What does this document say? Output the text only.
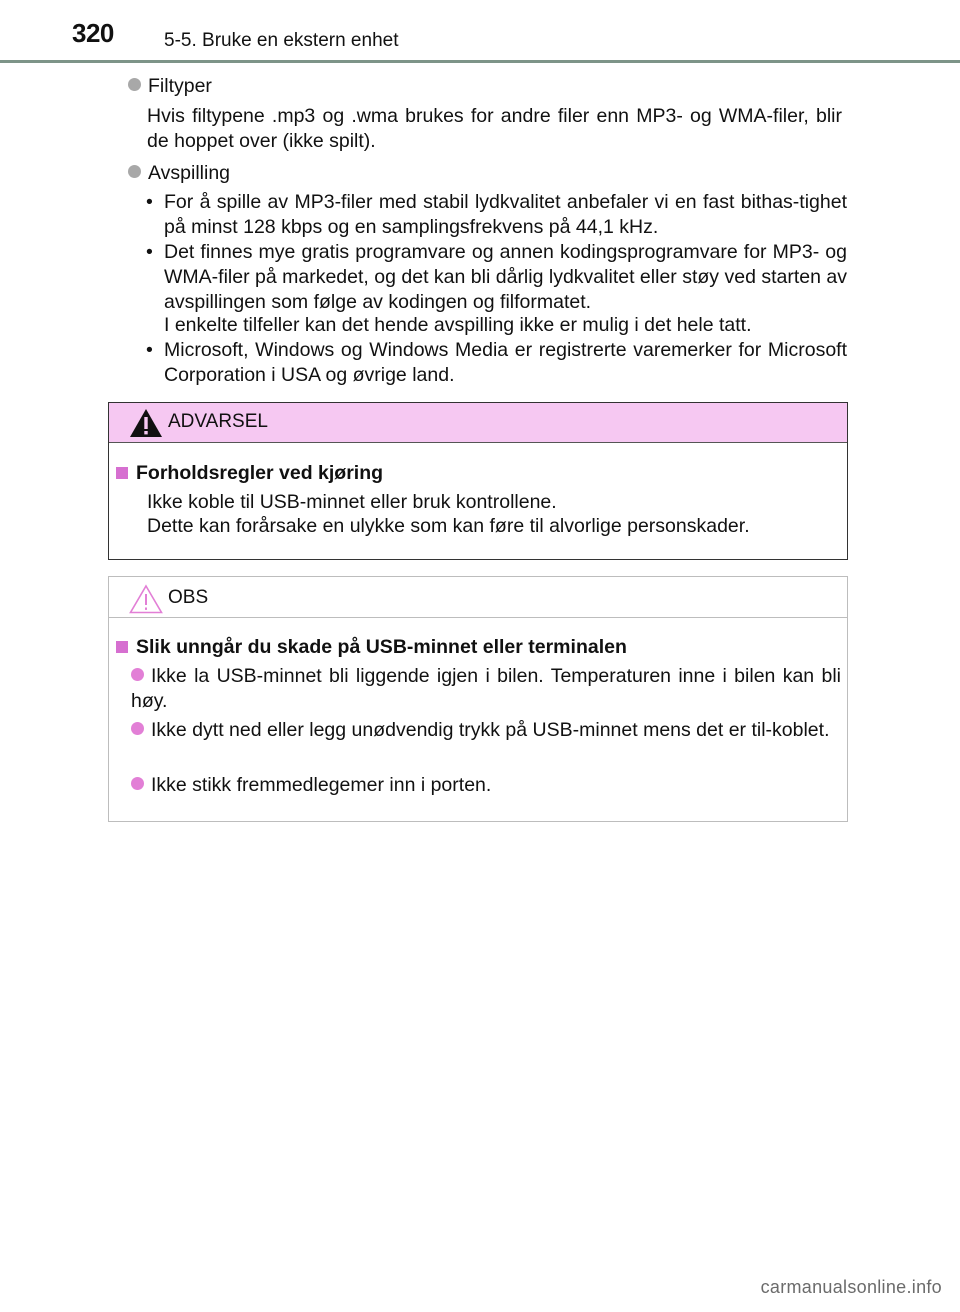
320	5-5. Bruke en ekstern enhet
Filtyper
Hvis filtypene .mp3 og .wma brukes for andre filer enn MP3- og WMA-filer, blir de hoppet over (ikke spilt).
Avspilling
• For å spille av MP3-filer med stabil lydkvalitet anbefaler vi en fast bithas-tighet på minst 128 kbps og en samplingsfrekvens på 44,1 kHz.
• Det finnes mye gratis programvare og annen kodingsprogramvare for MP3- og WMA-filer på markedet, og det kan bli dårlig lydkvalitet eller støy ved starten av avspillingen som følge av kodingen og filformatet.
I enkelte tilfeller kan det hende avspilling ikke er mulig i det hele tatt.
• Microsoft, Windows og Windows Media er registrerte varemerker for Microsoft Corporation i USA og øvrige land.
ADVARSEL
Forholdsregler ved kjøring
Ikke koble til USB-minnet eller bruk kontrollene.
Dette kan forårsake en ulykke som kan føre til alvorlige personskader.
OBS
Slik unngår du skade på USB-minnet eller terminalen
Ikke la USB-minnet bli liggende igjen i bilen. Temperaturen inne i bilen kan bli høy.
Ikke dytt ned eller legg unødvendig trykk på USB-minnet mens det er til-koblet.
Ikke stikk fremmedlegemer inn i porten.
carmanualsonline.info
